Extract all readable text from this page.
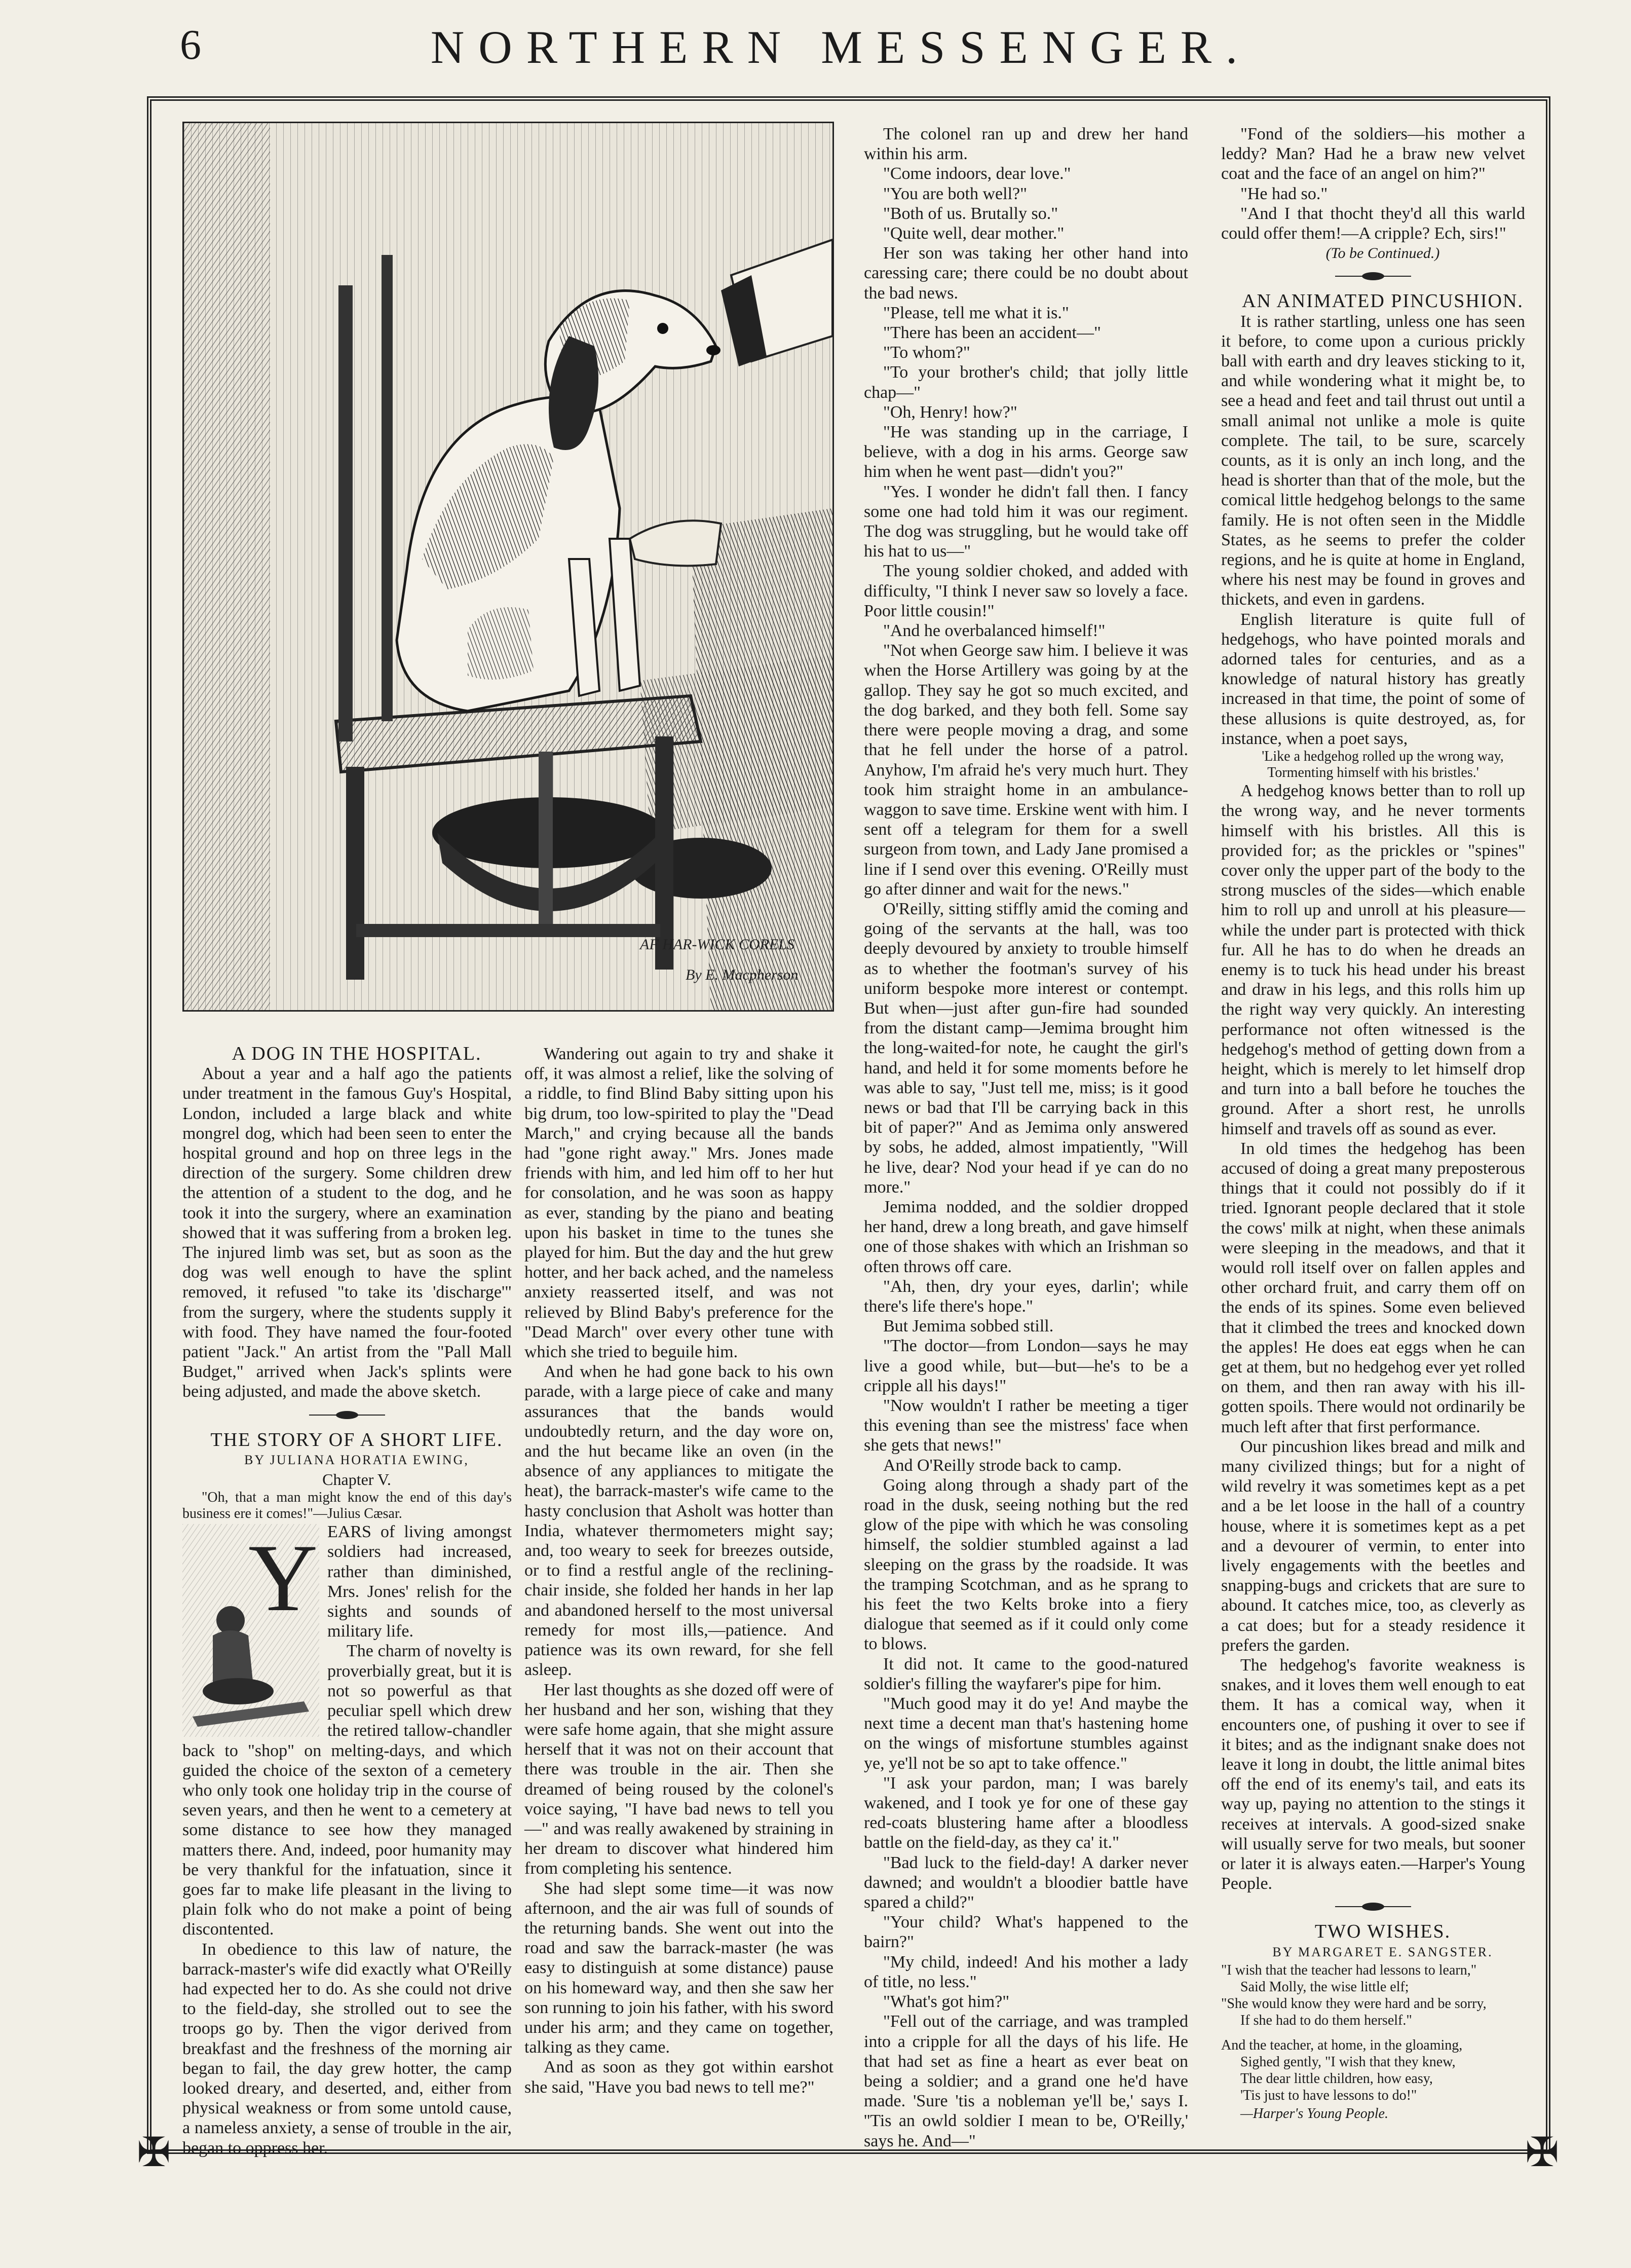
6	NORTHERN MESSENGER.
✠	✠
AF HAR-WICK CORELS
By E. Macpherson

A DOG IN THE HOSPITAL.

About a year and a half ago the patients under treatment in the famous Guy's Hospital, London, included a large black and white mongrel dog, which had been seen to enter the hospital ground and hop on three legs in the direction of the surgery. Some children drew the attention of a student to the dog, and he took it into the surgery, where an examination showed that it was suffering from a broken leg. The injured limb was set, but as soon as the dog was well enough to have the splint removed, it refused "to take its 'discharge'" from the surgery, where the students supply it with food. They have named the four-footed patient "Jack." An artist from the "Pall Mall Budget," arrived when Jack's splints were being adjusted, and made the above sketch.

THE STORY OF A SHORT LIFE.

BY JULIANA HORATIA EWING,

Chapter V.

"Oh, that a man might know the end of this day's business ere it comes!"—Julius Cæsar.

Y EARS of living amongst soldiers had increased, rather than diminished, Mrs. Jones' relish for the sights and sounds of military life.

The charm of novelty is proverbially great, but it is not so powerful as that peculiar spell which drew the retired tallow-chandler back to "shop" on melting-days, and which guided the choice of the sexton of a cemetery who only took one holiday trip in the course of seven years, and then he went to a cemetery at some distance to see how they managed matters there. And, indeed, poor humanity may be very thankful for the infatuation, since it goes far to make life pleasant in the living to plain folk who do not make a point of being discontented.

In obedience to this law of nature, the barrack-master's wife did exactly what O'Reilly had expected her to do. As she could not drive to the field-day, she strolled out to see the troops go by. Then the vigor derived from breakfast and the freshness of the morning air began to fail, the day grew hotter, the camp looked dreary, and deserted, and, either from physical weakness or from some untold cause, a nameless anxiety, a sense of trouble in the air, began to oppress her.

Wandering out again to try and shake it off, it was almost a relief, like the solving of a riddle, to find Blind Baby sitting upon his big drum, too low-spirited to play the "Dead March," and crying because all the bands had "gone right away." Mrs. Jones made friends with him, and led him off to her hut for consolation, and he was soon as happy as ever, standing by the piano and beating upon his basket in time to the tunes she played for him. But the day and the hut grew hotter, and her back ached, and the nameless anxiety reasserted itself, and was not relieved by Blind Baby's preference for the "Dead March" over every other tune with which she tried to beguile him.

And when he had gone back to his own parade, with a large piece of cake and many assurances that the bands would undoubtedly return, and the day wore on, and the hut became like an oven (in the absence of any appliances to mitigate the heat), the barrack-master's wife came to the hasty conclusion that Asholt was hotter than India, whatever thermometers might say; and, too weary to seek for breezes outside, or to find a restful angle of the reclining-chair inside, she folded her hands in her lap and abandoned herself to the most universal remedy for most ills,—patience. And patience was its own reward, for she fell asleep.

Her last thoughts as she dozed off were of her husband and her son, wishing that they were safe home again, that she might assure herself that it was not on their account that there was trouble in the air. Then she dreamed of being roused by the colonel's voice saying, "I have bad news to tell you—" and was really awakened by straining in her dream to discover what hindered him from completing his sentence.

She had slept some time—it was now afternoon, and the air was full of sounds of the returning bands. She went out into the road and saw the barrack-master (he was easy to distinguish at some distance) pause on his homeward way, and then she saw her son running to join his father, with his sword under his arm; and they came on together, talking as they came.

And as soon as they got within earshot she said, "Have you bad news to tell me?"

The colonel ran up and drew her hand within his arm.

"Come indoors, dear love."

"You are both well?"

"Both of us. Brutally so."

"Quite well, dear mother."

Her son was taking her other hand into caressing care; there could be no doubt about the bad news.

"Please, tell me what it is."

"There has been an accident—"

"To whom?"

"To your brother's child; that jolly little chap—"

"Oh, Henry! how?"

"He was standing up in the carriage, I believe, with a dog in his arms. George saw him when he went past—didn't you?"

"Yes. I wonder he didn't fall then. I fancy some one had told him it was our regiment. The dog was struggling, but he would take off his hat to us—"

The young soldier choked, and added with difficulty, "I think I never saw so lovely a face. Poor little cousin!"

"And he overbalanced himself!"

"Not when George saw him. I believe it was when the Horse Artillery was going by at the gallop. They say he got so much excited, and the dog barked, and they both fell. Some say there were people moving a drag, and some that he fell under the horse of a patrol. Anyhow, I'm afraid he's very much hurt. They took him straight home in an ambulance-waggon to save time. Erskine went with him. I sent off a telegram for them for a swell surgeon from town, and Lady Jane promised a line if I send over this evening. O'Reilly must go after dinner and wait for the news."

O'Reilly, sitting stiffly amid the coming and going of the servants at the hall, was too deeply devoured by anxiety to trouble himself as to whether the footman's survey of his uniform bespoke more interest or contempt. But when—just after gun-fire had sounded from the distant camp—Jemima brought him the long-waited-for note, he caught the girl's hand, and held it for some moments before he was able to say, "Just tell me, miss; is it good news or bad that I'll be carrying back in this bit of paper?" And as Jemima only answered by sobs, he added, almost impatiently, "Will he live, dear? Nod your head if ye can do no more."

Jemima nodded, and the soldier dropped her hand, drew a long breath, and gave himself one of those shakes with which an Irishman so often throws off care.

"Ah, then, dry your eyes, darlin'; while there's life there's hope."

But Jemima sobbed still.

"The doctor—from London—says he may live a good while, but—but—he's to be a cripple all his days!"

"Now wouldn't I rather be meeting a tiger this evening than see the mistress' face when she gets that news!"

And O'Reilly strode back to camp.

Going along through a shady part of the road in the dusk, seeing nothing but the red glow of the pipe with which he was consoling himself, the soldier stumbled against a lad sleeping on the grass by the roadside. It was the tramping Scotchman, and as he sprang to his feet the two Kelts broke into a fiery dialogue that seemed as if it could only come to blows.

It did not. It came to the good-natured soldier's filling the wayfarer's pipe for him.

"Much good may it do ye! And maybe the next time a decent man that's hastening home on the wings of misfortune stumbles against ye, ye'll not be so apt to take offence."

"I ask your pardon, man; I was barely wakened, and I took ye for one of these gay red-coats blustering hame after a bloodless battle on the field-day, as they ca' it."

"Bad luck to the field-day! A darker never dawned; and wouldn't a bloodier battle have spared a child?"

"Your child? What's happened to the bairn?"

"My child, indeed! And his mother a lady of title, no less."

"What's got him?"

"Fell out of the carriage, and was trampled into a cripple for all the days of his life. He that had set as fine a heart as ever beat on being a soldier; and a grand one he'd have made. 'Sure 'tis a nobleman ye'll be,' says I. ''Tis an owld soldier I mean to be, O'Reilly,' says he. And—"

"Fond of the soldiers—his mother a leddy? Man? Had he a braw new velvet coat and the face of an angel on him?"

"He had so."

"And I that thocht they'd all this warld could offer them!—A cripple? Ech, sirs!"

(To be Continued.)

AN ANIMATED PINCUSHION.

It is rather startling, unless one has seen it before, to come upon a curious prickly ball with earth and dry leaves sticking to it, and while wondering what it might be, to see a head and feet and tail thrust out until a small animal not unlike a mole is quite complete. The tail, to be sure, scarcely counts, as it is only an inch long, and the head is shorter than that of the mole, but the comical little hedgehog belongs to the same family. He is not often seen in the Middle States, as he seems to prefer the colder regions, and he is quite at home in England, where his nest may be found in groves and thickets, and even in gardens.

English literature is quite full of hedgehogs, who have pointed morals and adorned tales for centuries, and as a knowledge of natural history has greatly increased in that time, the point of some of these allusions is quite destroyed, as, for instance, when a poet says,

'Like a hedgehog rolled up the wrong way, Tormenting himself with his bristles.'

A hedgehog knows better than to roll up the wrong way, and he never torments himself with his bristles. All this is provided for; as the prickles or "spines" cover only the upper part of the body to the strong muscles of the sides—which enable him to roll up and unroll at his pleasure—while the under part is protected with thick fur. All he has to do when he dreads an enemy is to tuck his head under his breast and draw in his legs, and this rolls him up the right way very quickly. An interesting performance not often witnessed is the hedgehog's method of getting down from a height, which is merely to let himself drop and turn into a ball before he touches the ground. After a short rest, he unrolls himself and travels off as sound as ever.

In old times the hedgehog has been accused of doing a great many preposterous things that it could not possibly do if it tried. Ignorant people declared that it stole the cows' milk at night, when these animals were sleeping in the meadows, and that it would roll itself over on fallen apples and other orchard fruit, and carry them off on the ends of its spines. Some even believed that it climbed the trees and knocked down the apples! He does eat eggs when he can get at them, but no hedgehog ever yet rolled on them, and then ran away with his ill-gotten spoils. There would not ordinarily be much left after that first performance.

Our pincushion likes bread and milk and many civilized things; but for a night of wild revelry it was sometimes kept as a pet and a be let loose in the hall of a country house, where it is sometimes kept as a pet and a devourer of vermin, to enter into lively engagements with the beetles and snapping-bugs and crickets that are sure to abound. It catches mice, too, as cleverly as a cat does; but for a steady residence it prefers the garden.

The hedgehog's favorite weakness is snakes, and it loves them well enough to eat them. It has a comical way, when it encounters one, of pushing it over to see if it bites; and as the indignant snake does not leave it long in doubt, the little animal bites off the end of its enemy's tail, and eats its way up, paying no attention to the stings it receives at intervals. A good-sized snake will usually serve for two meals, but sooner or later it is always eaten.—Harper's Young People.

TWO WISHES.

BY MARGARET E. SANGSTER.

"I wish that the teacher had lessons to learn,"
Said Molly, the wise little elf;
"She would know they were hard and be sorry,
If she had to do them herself."
And the teacher, at home, in the gloaming,
Sighed gently, "I wish that they knew,
The dear little children, how easy,
'Tis just to have lessons to do!"

—Harper's Young People.
